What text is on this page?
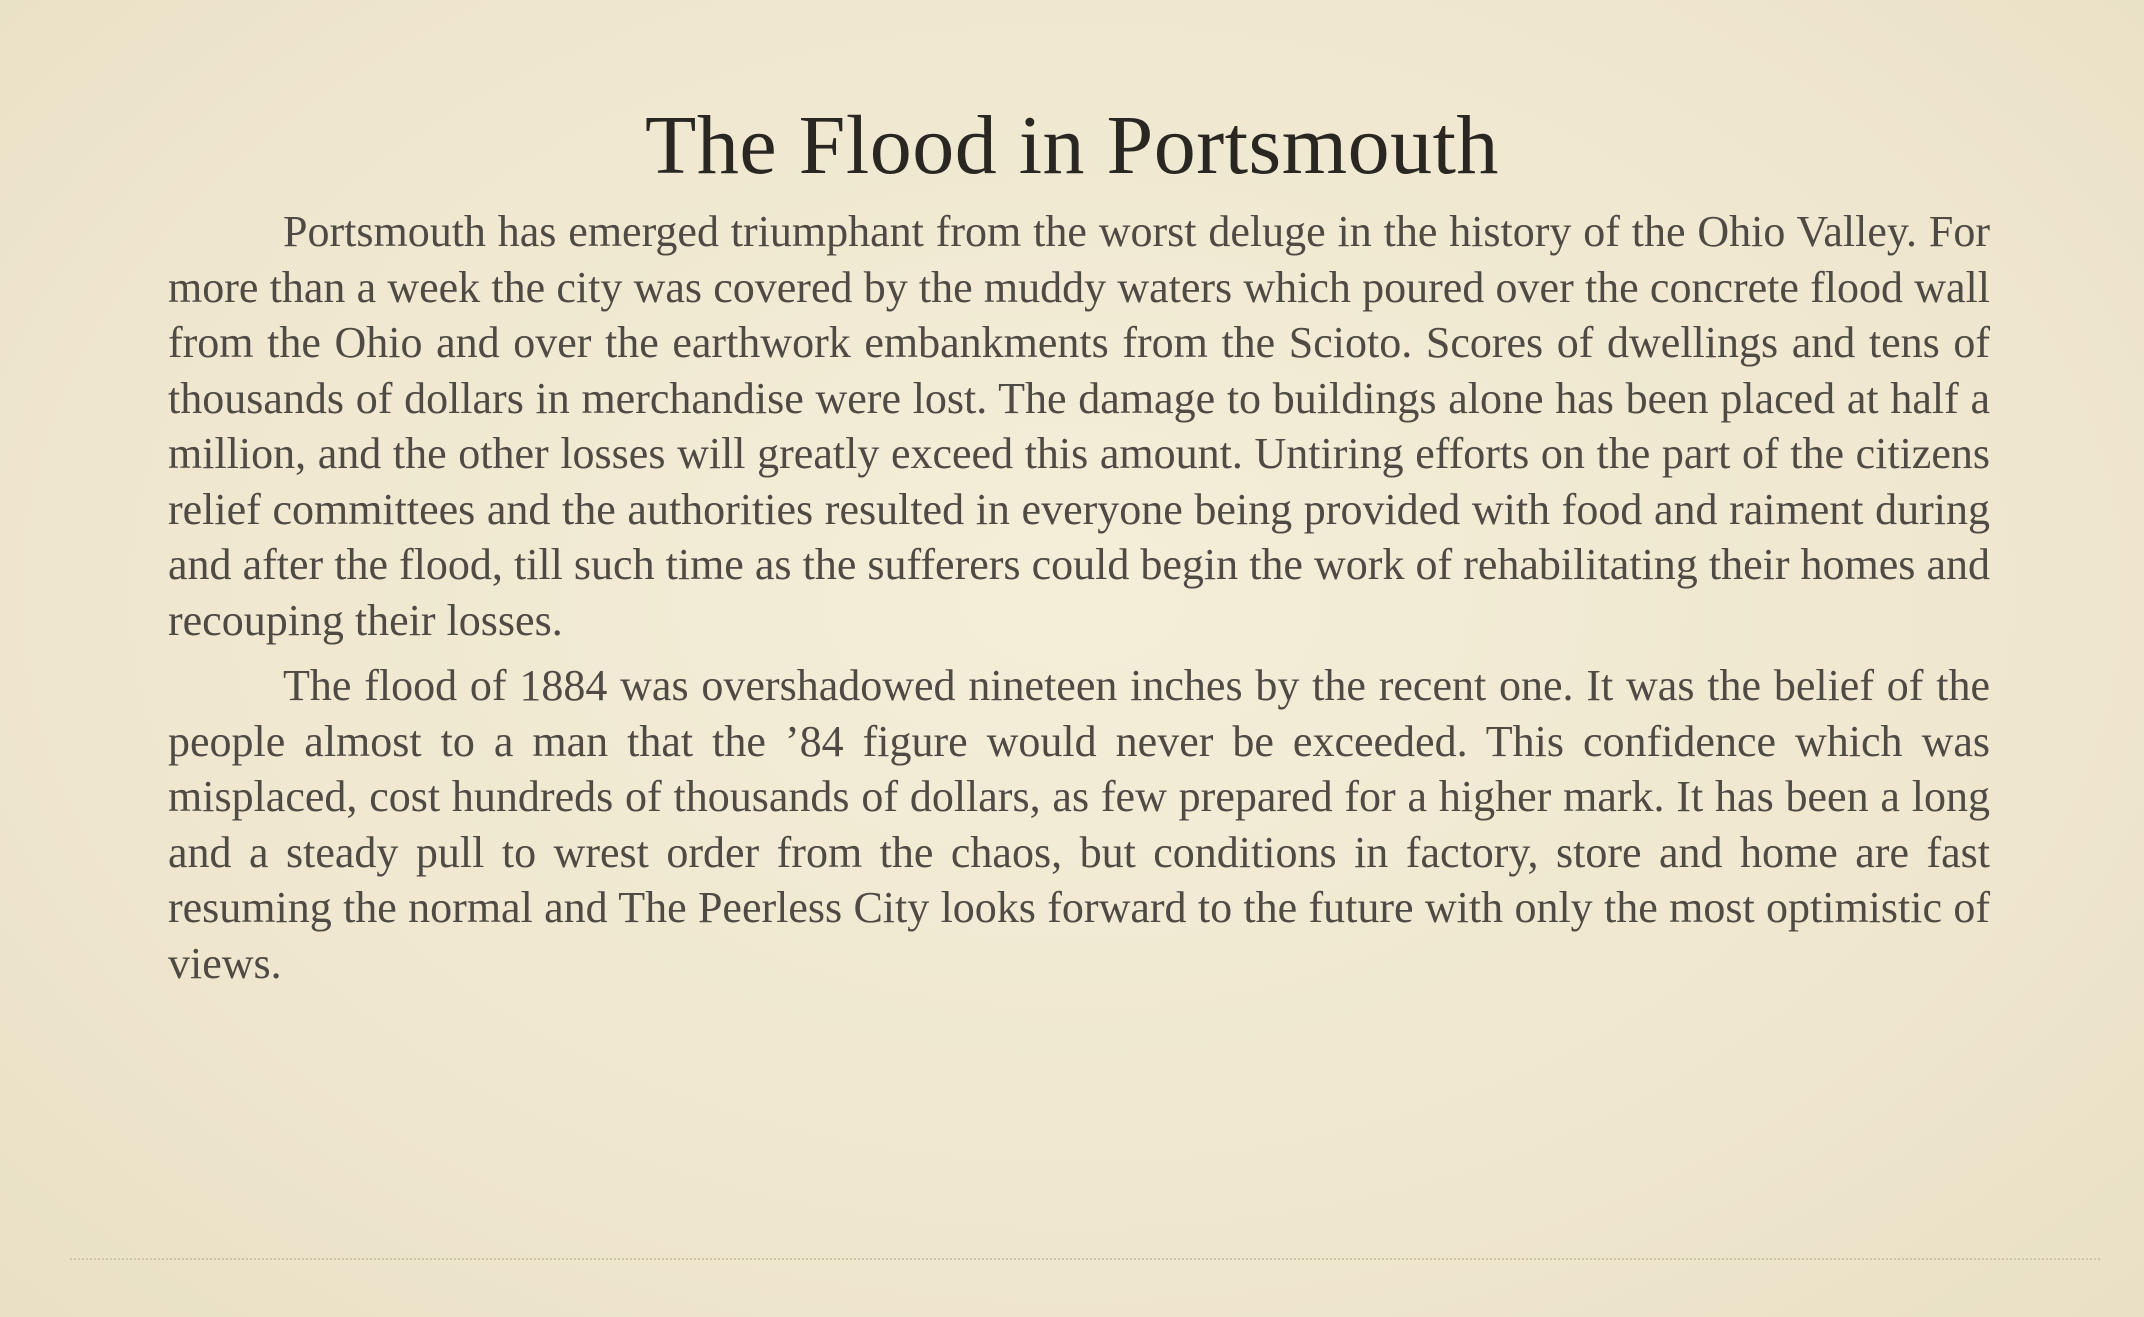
The Flood in Portsmouth

Portsmouth has emerged triumphant from the worst deluge in the history of the Ohio Valley. For more than a week the city was covered by the muddy waters which poured over the concrete flood wall from the Ohio and over the earthwork embankments from the Scioto. Scores of dwellings and tens of thousands of dollars in merchandise were lost. The damage to buildings alone has been placed at half a million, and the other losses will greatly exceed this amount. Untiring efforts on the part of the citizens relief committees and the authorities resulted in everyone being provided with food and raiment during and after the flood, till such time as the sufferers could begin the work of rehabilitating their homes and recouping their losses.

The flood of 1884 was overshadowed nineteen inches by the recent one. It was the belief of the people almost to a man that the ’84 figure would never be exceeded. This confidence which was misplaced, cost hundreds of thousands of dollars, as few prepared for a higher mark. It has been a long and a steady pull to wrest order from the chaos, but conditions in factory, store and home are fast resuming the normal and The Peerless City looks forward to the future with only the most optimistic of views.
